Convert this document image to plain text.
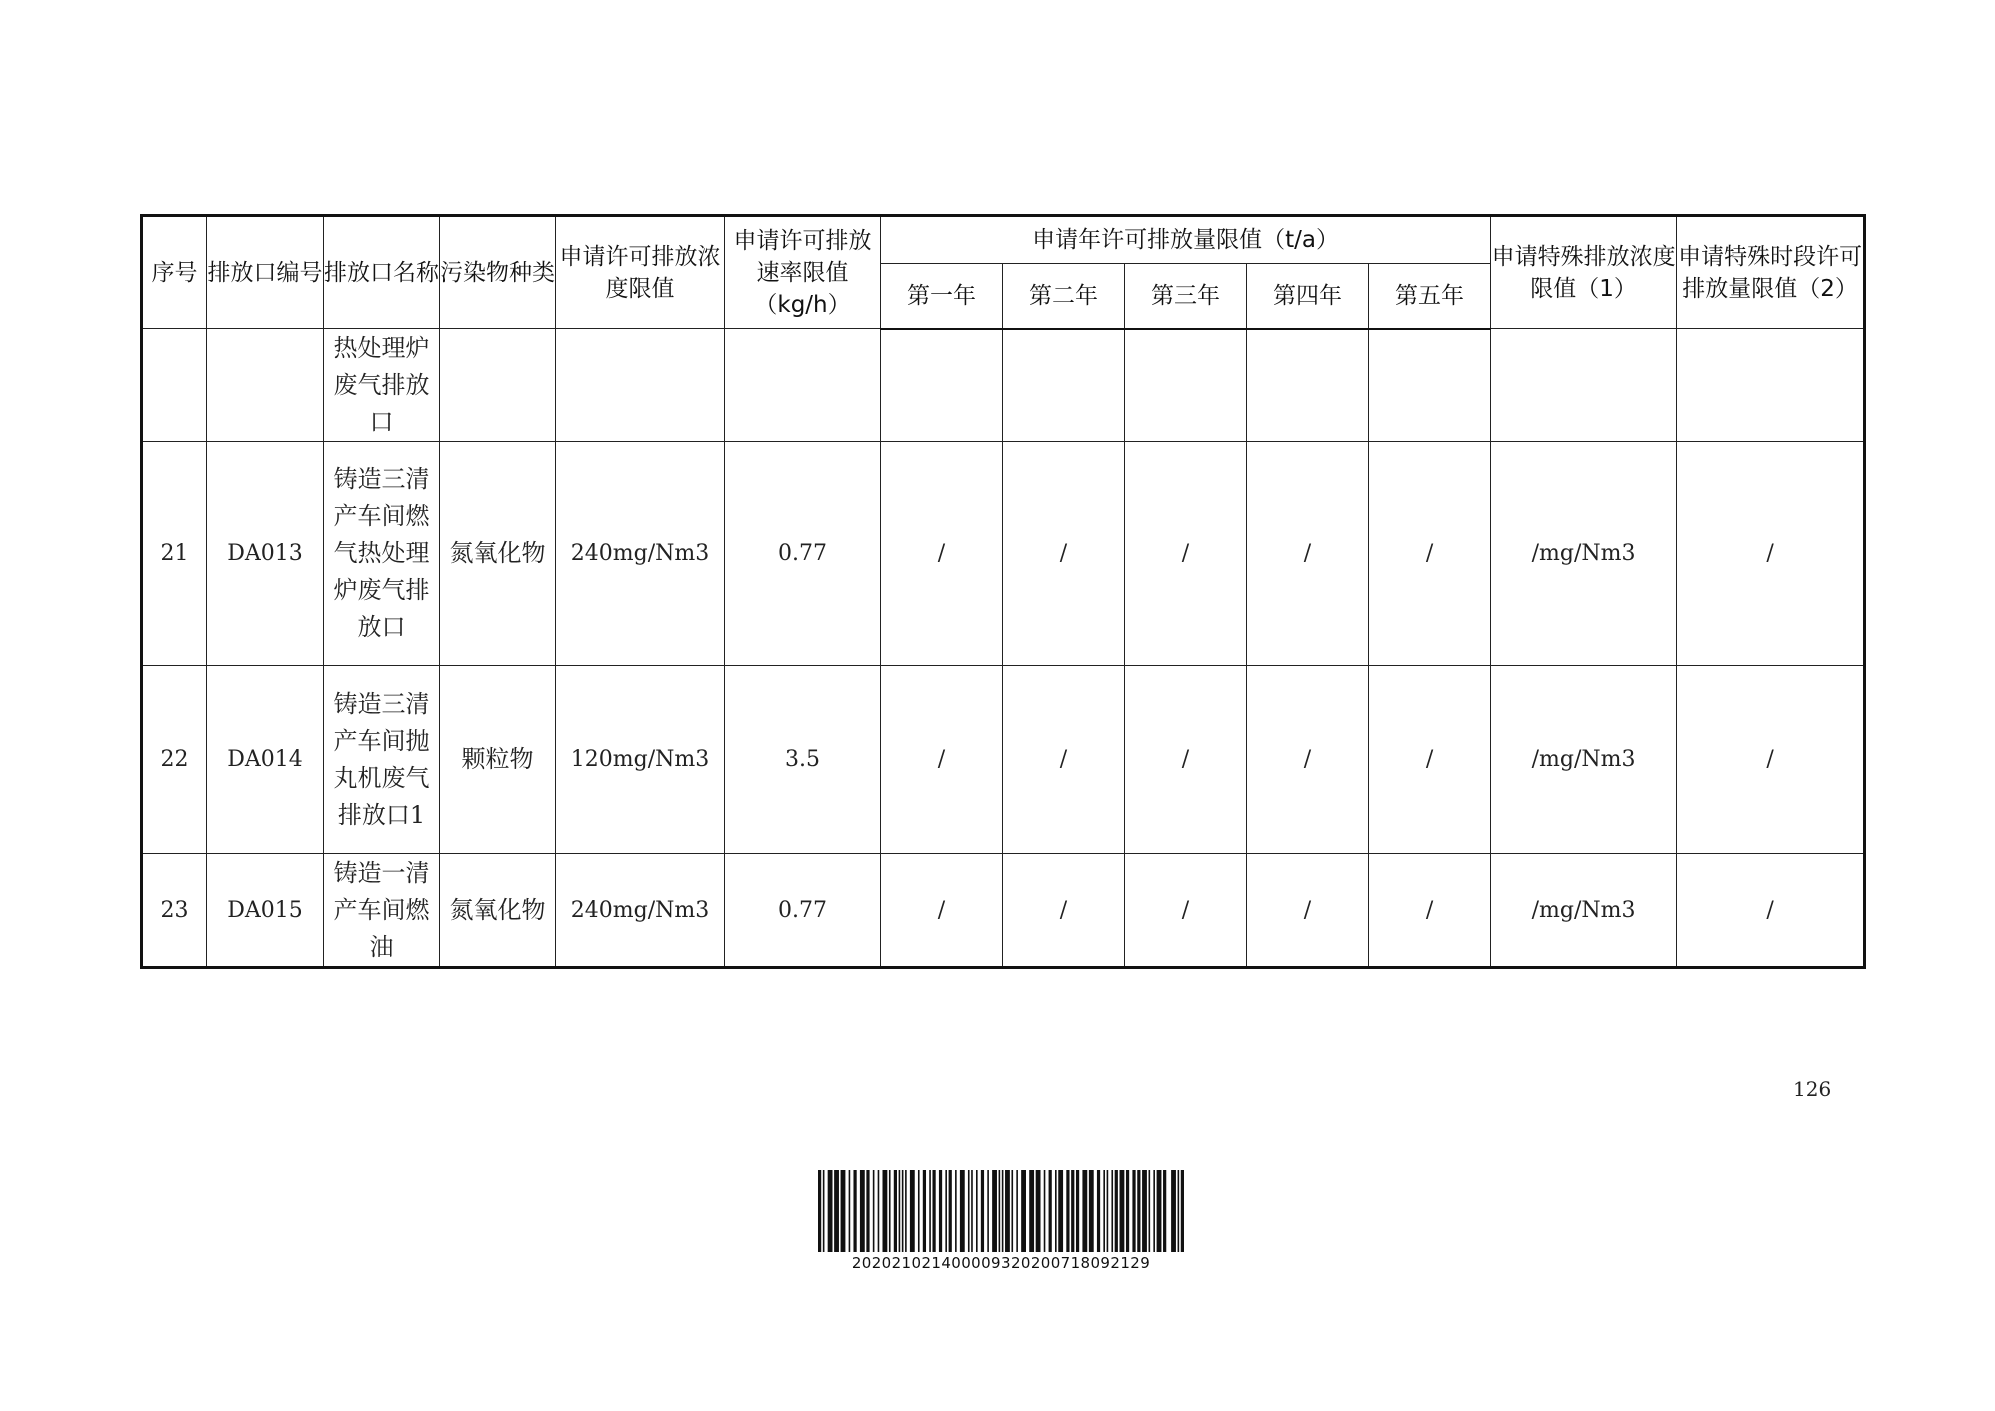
序号	排放口编号	排放口名称	污染物种类	申请许可排放浓度限值	申请许可排放速率限值（kg/h）	申请年许可排放量限值（t/a）					申请特殊排放浓度限值（1）	申请特殊时段许可排放量限值（2）
						第一年	第二年	第三年	第四年	第五年		
		热处理炉废气排放口										
21	DA013	铸造三清产车间燃气热处理炉废气排放口	氮氧化物	240mg/Nm3	0.77	/	/	/	/	/	/mg/Nm3	/
22	DA014	铸造三清产车间抛丸机废气排放口1	颗粒物	120mg/Nm3	3.5	/	/	/	/	/	/mg/Nm3	/
23	DA015	铸造一清产车间燃油	氮氧化物	240mg/Nm3	0.77	/	/	/	/	/	/mg/Nm3	/
126
202021021400009320200718092129
